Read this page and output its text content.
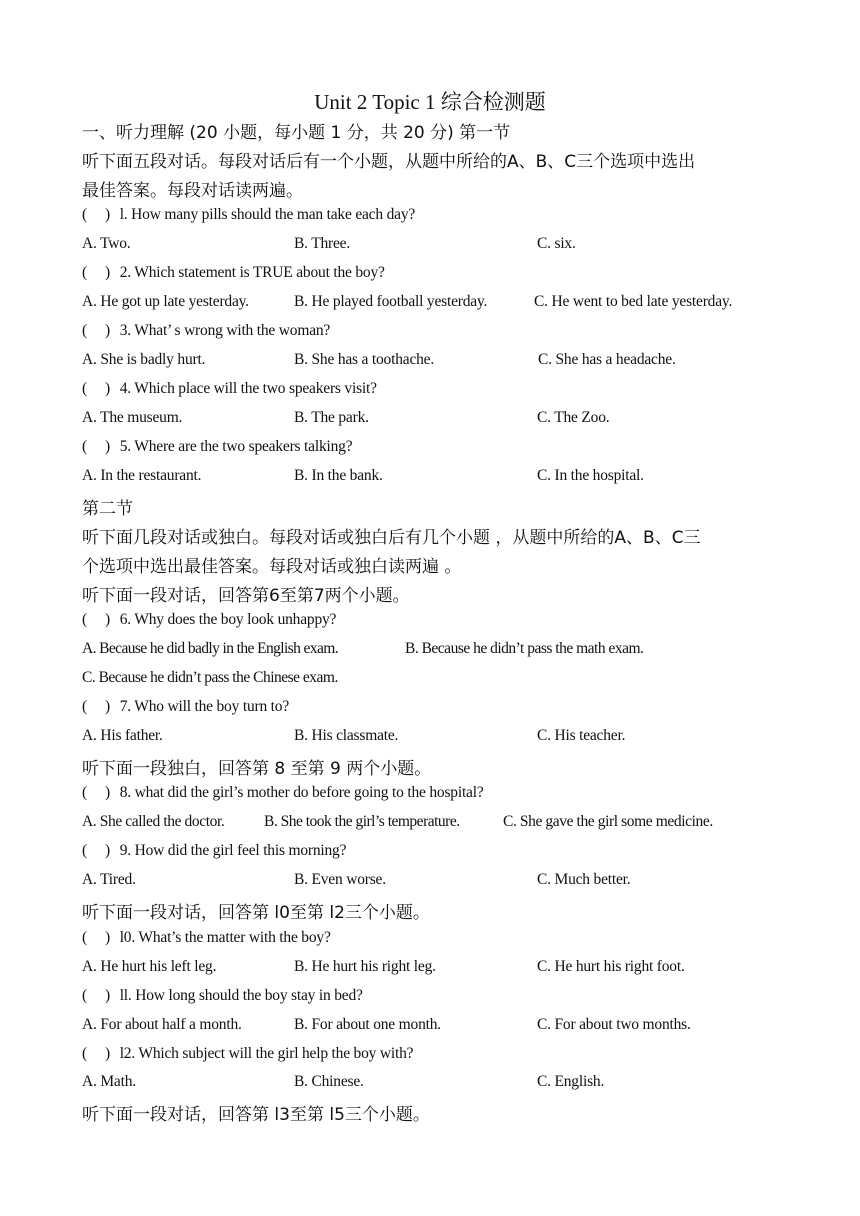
Unit 2 Topic 1 综合检测题
一、听力理解 (20 小题，每小题 1 分，共 20 分) 第一节
听下面五段对话。每段对话后有一个小题，从题中所给的A、B、C三个选项中选出
最佳答案。每段对话读两遍。
( ) l. How many pills should the man take each day?
A. Two.	B. Three.	C. six.
( ) 2. Which statement is TRUE about the boy?
A. He got up late yesterday.	B. He played football yesterday.	C. He went to bed late yesterday.
( ) 3. What’ s wrong with the woman?
A. She is badly hurt.	B. She has a toothache.	C. She has a headache.
( ) 4. Which place will the two speakers visit?
A. The museum.	B. The park.	C. The Zoo.
( ) 5. Where are the two speakers talking?
A. In the restaurant.	B. In the bank.	C. In the hospital.
第二节
听下面几段对话或独白。每段对话或独白后有几个小题 ，从题中所给的A、B、C三
个选项中选出最佳答案。每段对话或独白读两遍 。
听下面一段对话，回答第6至第7两个小题。
( ) 6. Why does the boy look unhappy?
A. Because he did badly in the English exam.	B. Because he didn’t pass the math exam.
C. Because he didn’t pass the Chinese exam.
( ) 7. Who will the boy turn to?
A. His father.	B. His classmate.	C. His teacher.
听下面一段独白，回答第 8 至第 9 两个小题。
( ) 8. what did the girl’s mother do before going to the hospital?
A. She called the doctor.	B. She took the girl’s temperature.	C. She gave the girl some medicine.
( ) 9. How did the girl feel this morning?
A. Tired.	B. Even worse.	C. Much better.
听下面一段对话，回答第 l0至第 l2三个小题。
( ) l0. What’s the matter with the boy?
A. He hurt his left leg.	B. He hurt his right leg.	C. He hurt his right foot.
( ) ll. How long should the boy stay in bed?
A. For about half a month.	B. For about one month.	C. For about two months.
( ) l2. Which subject will the girl help the boy with?
A. Math.	B. Chinese.	C. English.
听下面一段对话，回答第 l3至第 l5三个小题。
